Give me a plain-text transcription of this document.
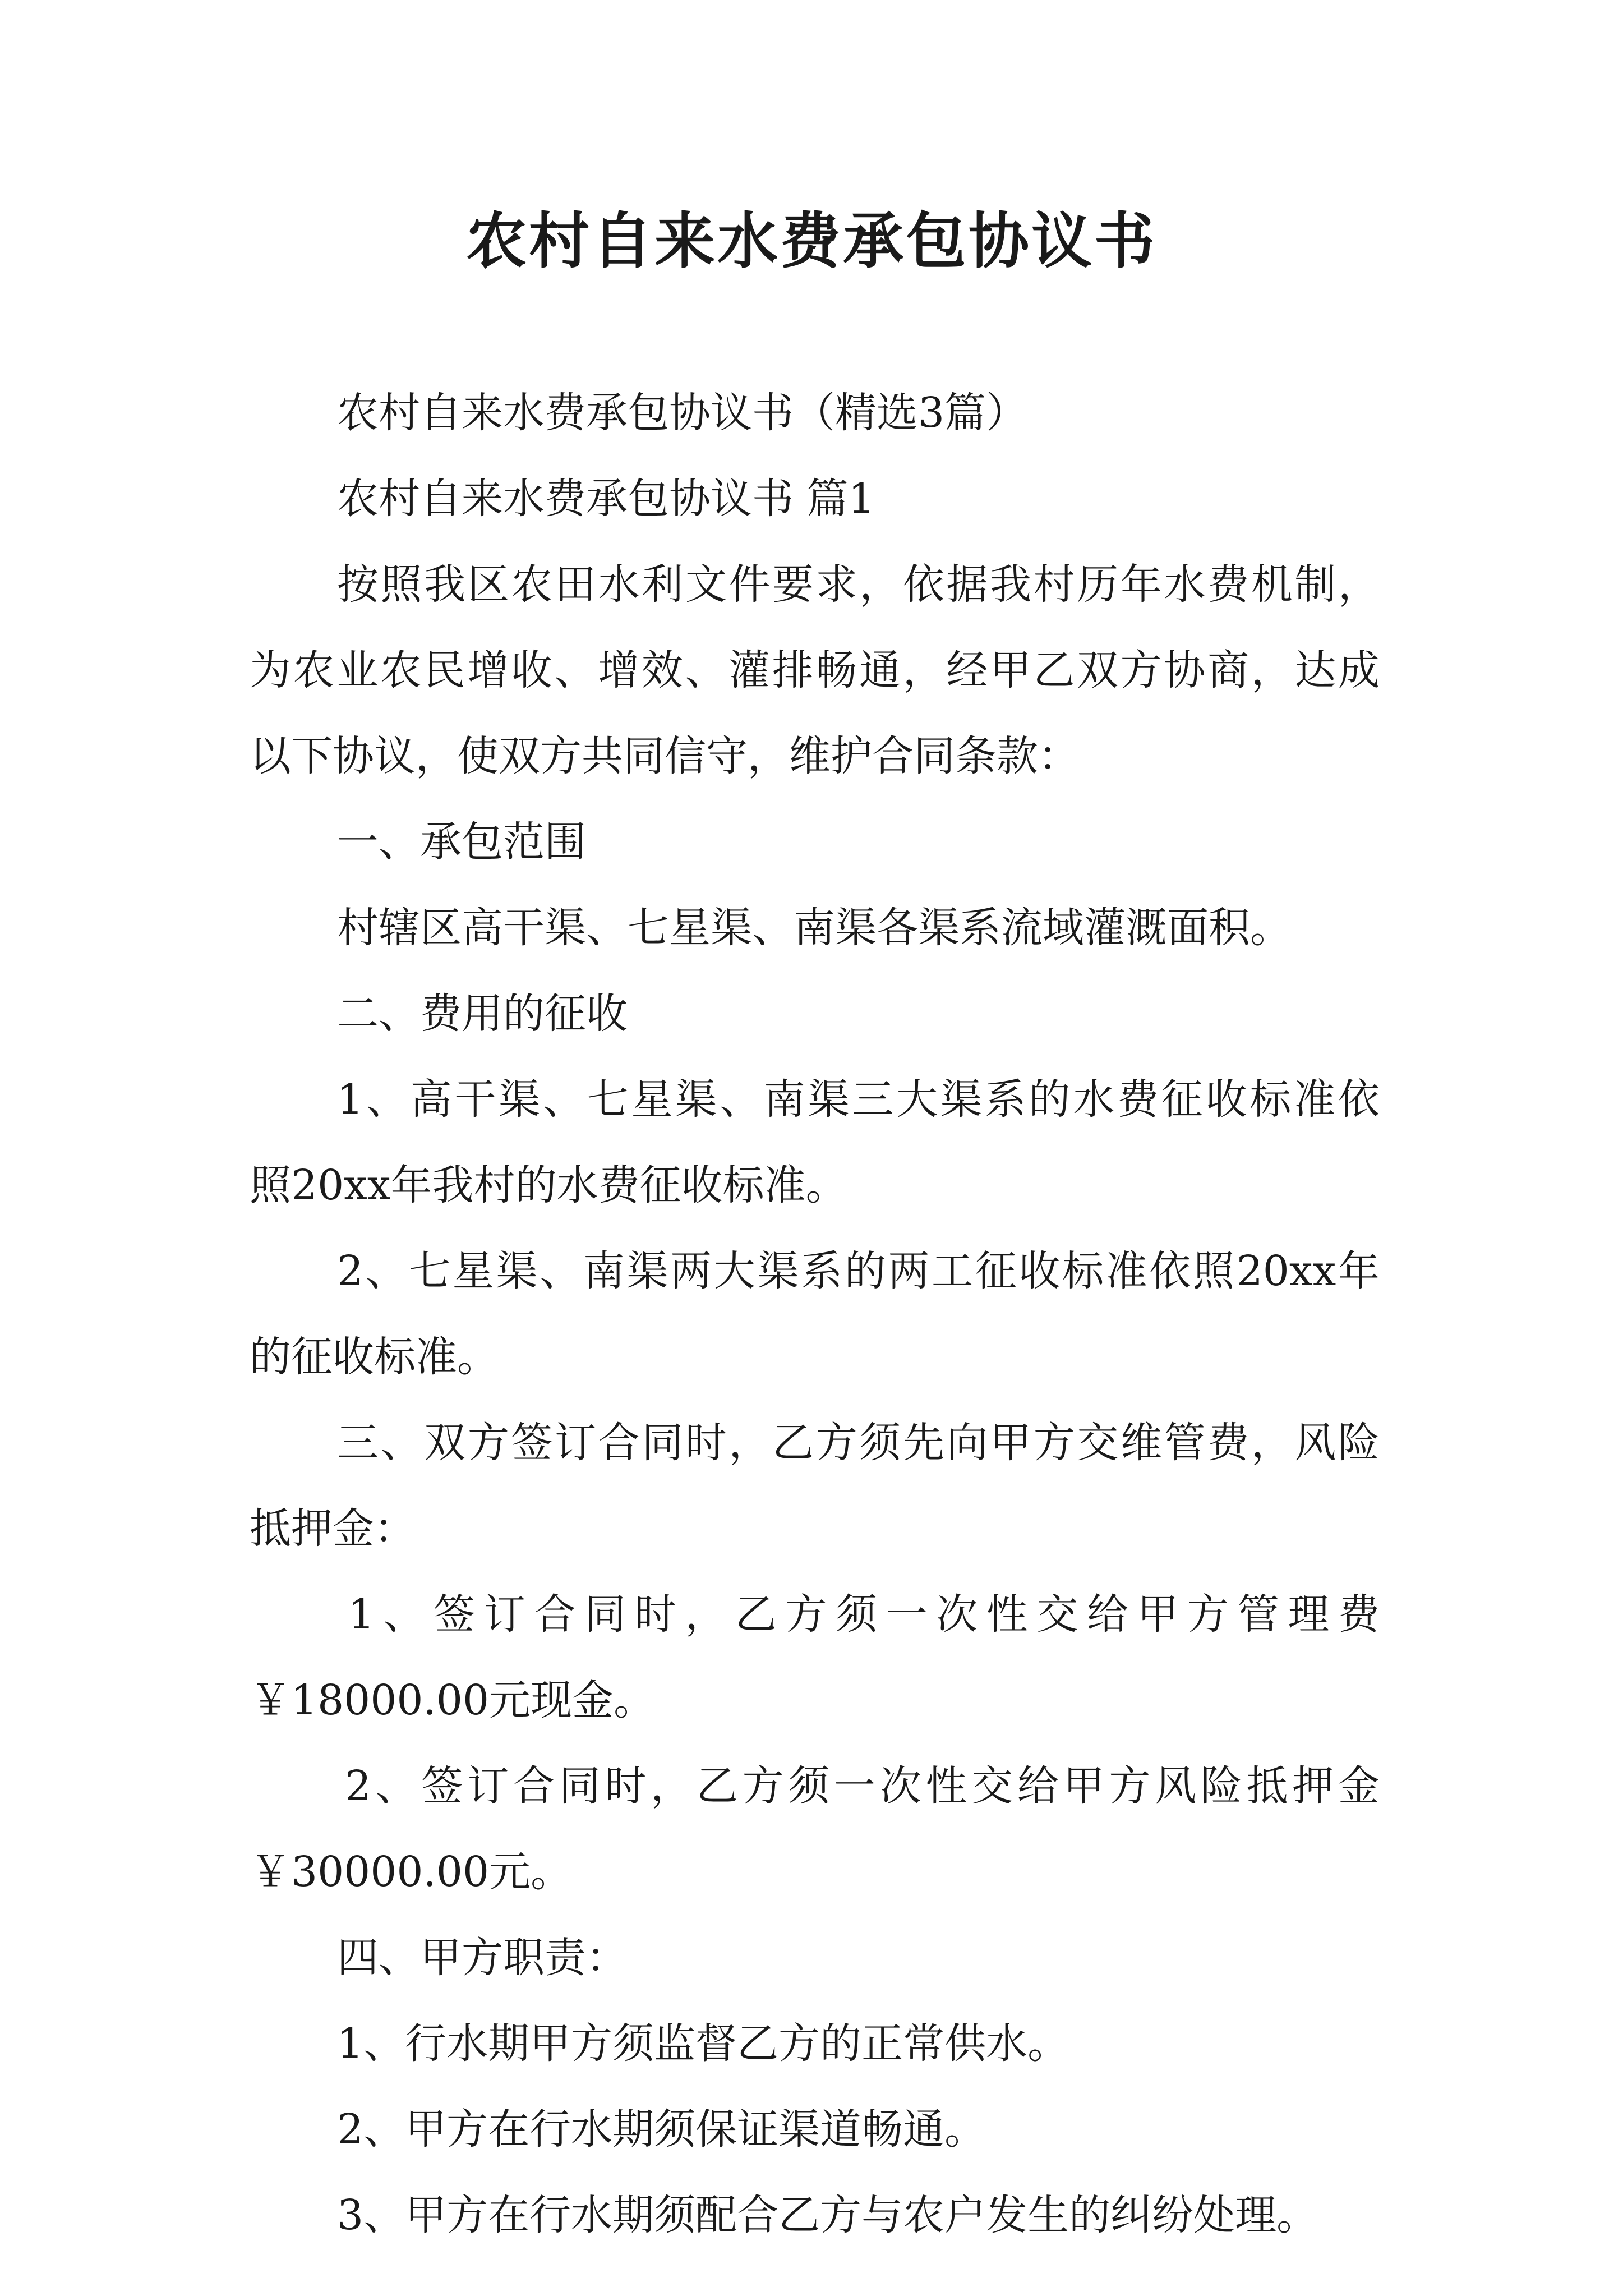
农村自来水费承包协议书

农村自来水费承包协议书（精选3篇）

农村自来水费承包协议书 篇1

按照我区农田水利文件要求，依据我村历年水费机制，

为农业农民增收、增效、灌排畅通，经甲乙双方协商，达成

以下协议，使双方共同信守，维护合同条款：

一、承包范围

村辖区高干渠、七星渠、南渠各渠系流域灌溉面积。

二、费用的征收

1、高干渠、七星渠、南渠三大渠系的水费征收标准依

照20xx年我村的水费征收标准。

2、七星渠、南渠两大渠系的两工征收标准依照20xx年

的征收标准。

三、双方签订合同时，乙方须先向甲方交维管费，风险

抵押金：

1、签订合同时，乙方须一次性交给甲方管理费

￥18000.00元现金。

2、签订合同时，乙方须一次性交给甲方风险抵押金

￥30000.00元。

四、甲方职责：

1、行水期甲方须监督乙方的正常供水。

2、甲方在行水期须保证渠道畅通。

3、甲方在行水期须配合乙方与农户发生的纠纷处理。
